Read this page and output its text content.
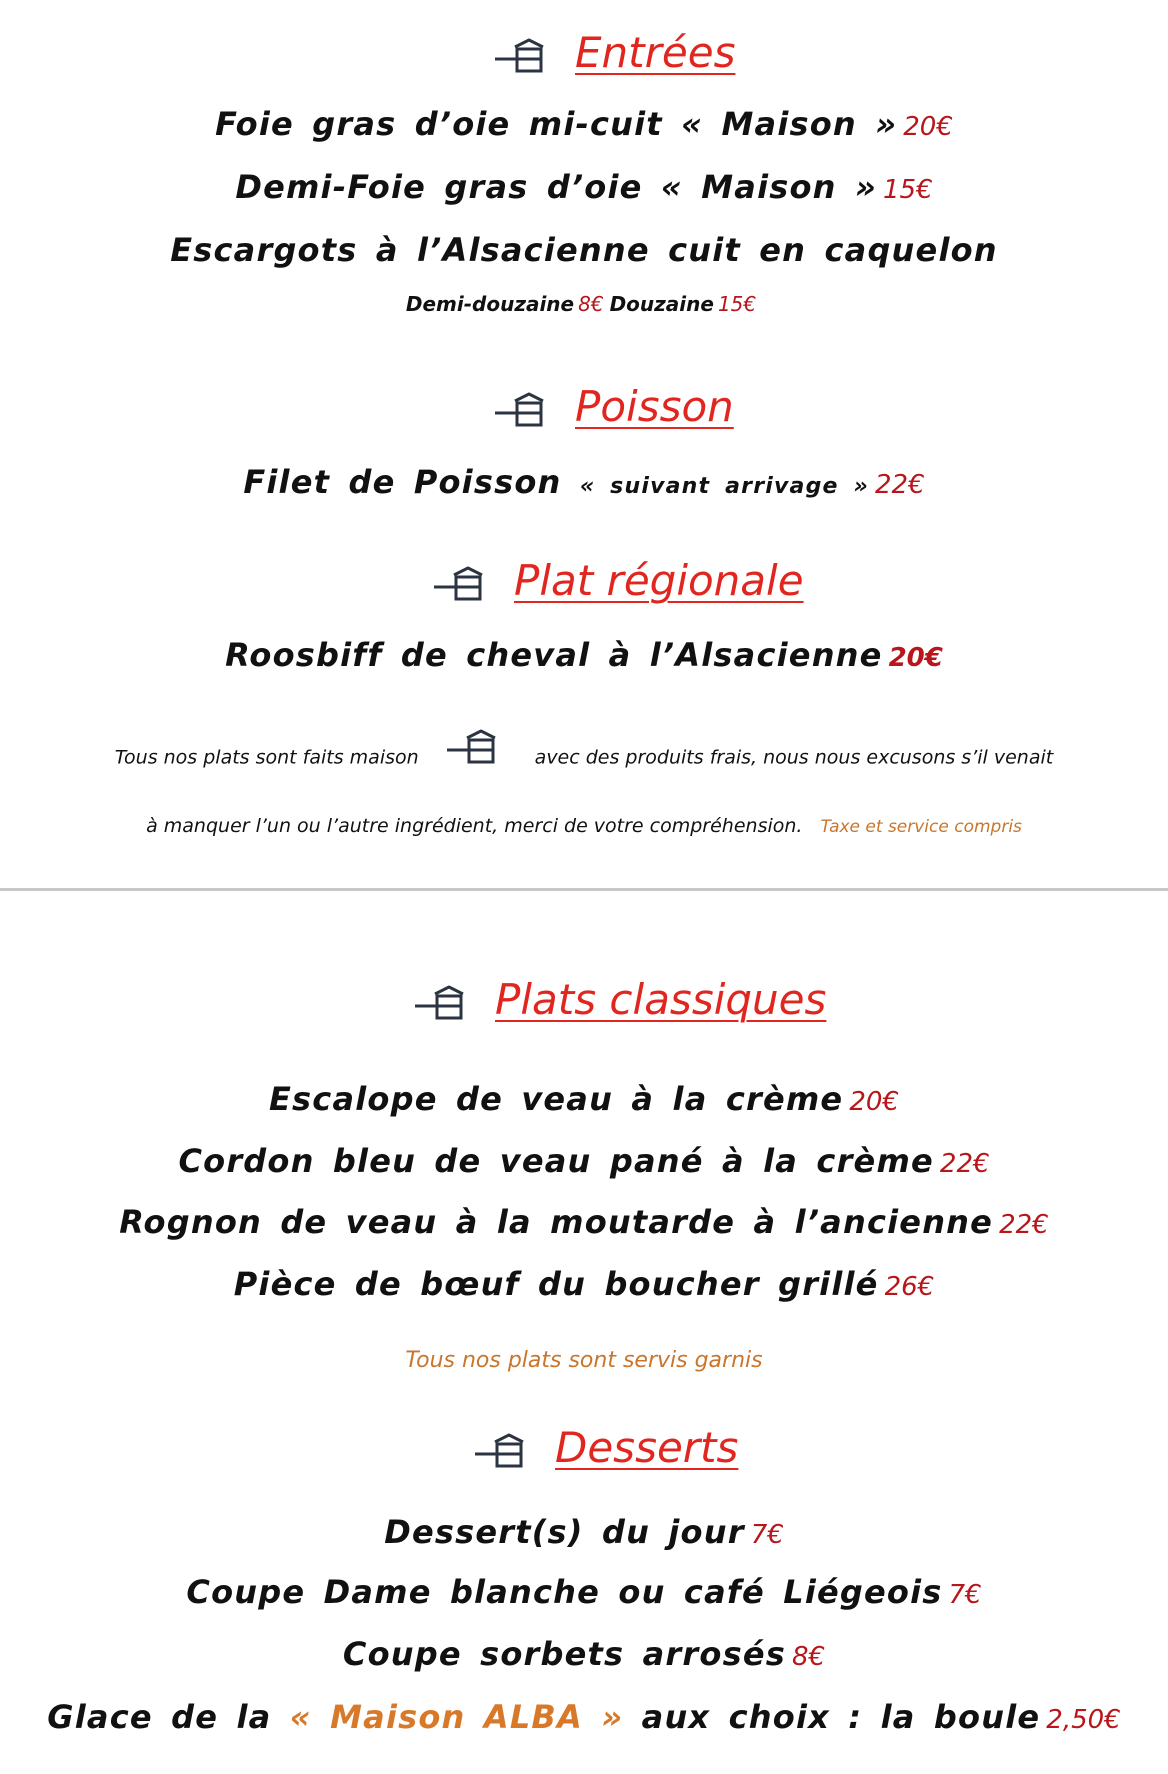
Entrées
Foie gras d’oie mi-cuit « Maison » 20€
Demi-Foie gras d’oie « Maison » 15€
Escargots à l’Alsacienne cuit en caquelon
Demi-douzaine 8€ Douzaine 15€
Poisson
Filet de Poisson « suivant arrivage » 22€
Plat régionale
Roosbiff de cheval à l’Alsacienne 20€
Tous nos plats sont faits maison	avec des produits frais, nous nous excusons s’il venait
à manquer l’un ou l’autre ingrédient, merci de votre compréhension. Taxe et service compris
Plats classiques
Escalope de veau à la crème 20€
Cordon bleu de veau pané à la crème 22€
Rognon de veau à la moutarde à l’ancienne 22€
Pièce de bœuf du boucher grillé 26€
Tous nos plats sont servis garnis
Desserts
Dessert(s) du jour 7€
Coupe Dame blanche ou café Liégeois 7€
Coupe sorbets arrosés 8€
Glace de la « Maison ALBA » aux choix : la boule 2,50€
